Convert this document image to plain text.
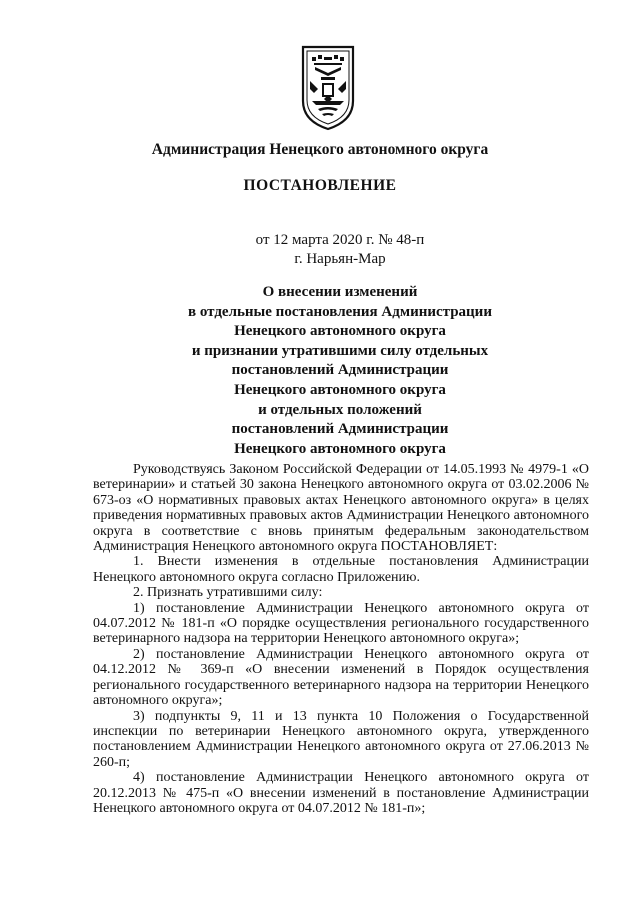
Администрация Ненецкого автономного округа
ПОСТАНОВЛЕНИЕ
от 12 марта 2020 г. № 48-п
г. Нарьян-Мар
О внесении изменений
в отдельные постановления Администрации
Ненецкого автономного округа
и признании утратившими силу отдельных
постановлений Администрации
Ненецкого автономного округа
и отдельных положений
постановлений Администрации
Ненецкого автономного округа

Руководствуясь Законом Российской Федерации от 14.05.1993 № 4979-1 «О ветеринарии» и статьей 30 закона Ненецкого автономного округа от 03.02.2006 № 673-оз «О нормативных правовых актах Ненецкого автономного округа» в целях приведения нормативных правовых актов Администрации Ненецкого автономного округа в соответствие с вновь принятым федеральным законодательством Администрация Ненецкого автономного округа ПОСТАНОВЛЯЕТ:

1. Внести изменения в отдельные постановления Администрации Ненецкого автономного округа согласно Приложению.

2. Признать утратившими силу:

1) постановление Администрации Ненецкого автономного округа от 04.07.2012 № 181-п «О порядке осуществления регионального государственного ветеринарного надзора на территории Ненецкого автономного округа»;

2) постановление Администрации Ненецкого автономного округа от 04.12.2012 № 369-п «О внесении изменений в Порядок осуществления регионального государственного ветеринарного надзора на территории Ненецкого автономного округа»;

3) подпункты 9, 11 и 13 пункта 10 Положения о Государственной инспекции по ветеринарии Ненецкого автономного округа, утвержденного постановлением Администрации Ненецкого автономного округа от 27.06.2013 № 260-п;

4) постановление Администрации Ненецкого автономного округа от 20.12.2013 № 475-п «О внесении изменений в постановление Администрации Ненецкого автономного округа от 04.07.2012 № 181-п»;
